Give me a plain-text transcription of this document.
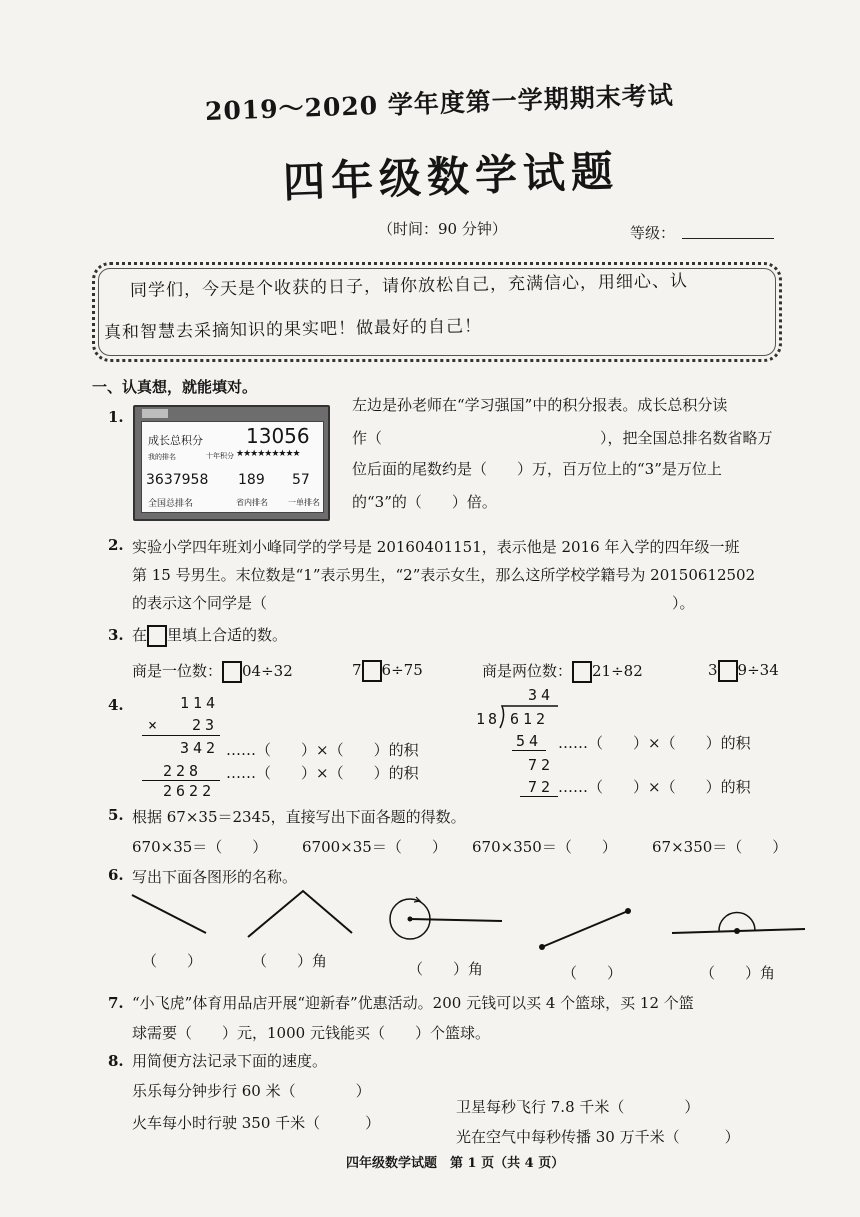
2019～2020 学年度第一学期期末考试
四年级数学试题
（时间：90 分钟）	等级：
同学们，今天是个收获的日子，请你放松自己，充满信心，用细心、认
真和智慧去采摘知识的果实吧！做最好的自己！
一、认真想，就能填对。
1.
成长总积分 13056
我的排名	十年积分 ★★★★★★★★★
3637958 189 57
全国总排名	省内排名	一单排名
左边是孙老师在“学习强国”中的积分报表。成长总积分读
作（	），把全国总排名数省略万
位后面的尾数约是（　　）万，百万位上的“3”是万位上
的“3”的（　　）倍。
2. 实验小学四年班刘小峰同学的学号是 20160401151，表示他是 2016 年入学的四年级一班
第 15 号男生。末位数是“1”表示男生，“2”表示女生，那么这所学校学籍号为 20150612502
的表示这个同学是（	）。
3. 在 里填上合适的数。
商是一位数： 04÷32	7 6÷75	商是两位数： 21÷82	3 9÷34
4.	114
× 23
342 ……（　　）×（　　）的积
228 ……（　　）×（　　）的积
2622
34
18 612
54 ……（　　）×（　　）的积
72
72 ……（　　）×（　　）的积
5. 根据 67×35＝2345，直接写出下面各题的得数。
670×35＝（　　） 6700×35＝（　　） 670×350＝（　　） 67×350＝（　　）
6. 写出下面各图形的名称。
（　　）	（　　）角	（　　）角	（　　）	（　　）角
7. “小飞虎”体育用品店开展“迎新春”优惠活动。200 元钱可以买 4 个篮球，买 12 个篮
球需要（　　）元，1000 元钱能买（　　）个篮球。
8. 用简便方法记录下面的速度。
乐乐每分钟步行 60 米（　　　　）
卫星每秒飞行 7.8 千米（　　　　）
火车每小时行驶 350 千米（　　　）
光在空气中每秒传播 30 万千米（　　　）
四年级数学试题　第 1 页（共 4 页）
